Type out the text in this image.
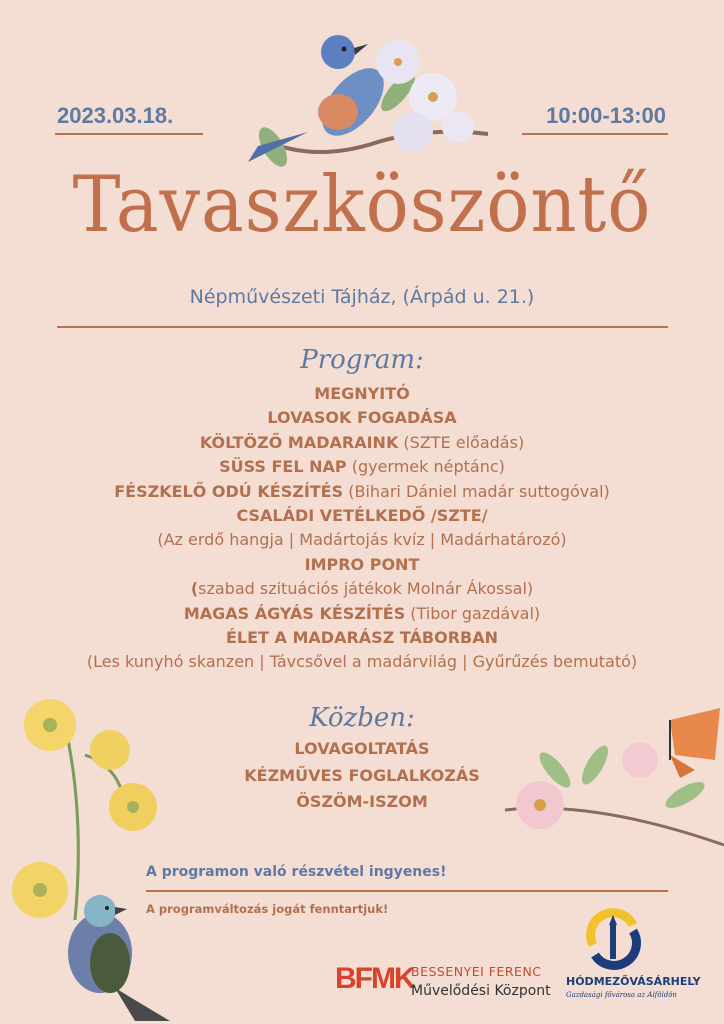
2023.03.18.	10:00-13:00
Tavaszköszöntő
Népművészeti Tájház, (Árpád u. 21.)
Program:
MEGNYITÓ
LOVASOK FOGADÁSA
KÖLTÖZŐ MADARAINK (SZTE előadás)
SÜSS FEL NAP (gyermek néptánc)
FÉSZKELŐ ODÚ KÉSZÍTÉS (Bihari Dániel madár suttogóval)
CSALÁDI VETÉLKEDŐ /SZTE/
(Az erdő hangja | Madártojás kvíz | Madárhatározó)
IMPRO PONT
(szabad szituációs játékok Molnár Ákossal)
MAGAS ÁGYÁS KÉSZÍTÉS (Tibor gazdával)
ÉLET A MADARÁSZ TÁBORBAN
(Les kunyhó skanzen | Távcsővel a madárvilág | Gyűrűzés bemutató)
Közben:
LOVAGOLTATÁS
KÉZMŰVES FOGLALKOZÁS
ÖSZÖM-ISZOM
A programon való részvétel ingyenes!
A programváltozás jogát fenntartjuk!
BFMK
BESSENYEI FERENC
Művelődési Központ
HÓDMEZŐVÁSÁRHELY
Gazdasági fővárosa az Alföldön
